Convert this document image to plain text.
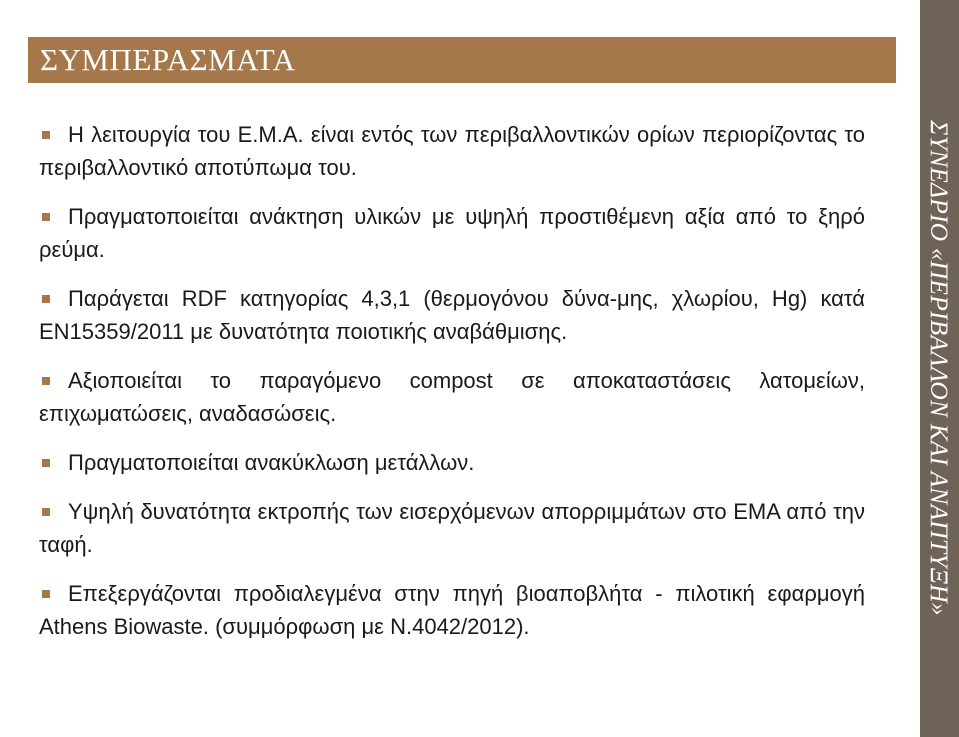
ΣΥΜΠΕΡΑΣΜΑΤΑ
ΣΥΝΕΔΡΙΟ «ΠΕΡΙΒΑΛΛΟΝ ΚΑΙ ΑΝΑΠΤΥΞΗ»
Η λειτουργία του Ε.Μ.Α. είναι εντός των περιβαλλοντικών ορίων περιορίζοντας το περιβαλλοντικό αποτύπωμα του.
Πραγματοποιείται ανάκτηση υλικών με υψηλή προστιθέμενη αξία από το ξηρό ρεύμα.
Παράγεται RDF κατηγορίας 4,3,1 (θερμογόνου δύνα-μης, χλωρίου, Hg) κατά EN15359/2011 με δυνατότητα ποιοτικής αναβάθμισης.
Αξιοποιείται το παραγόμενο compost σε αποκαταστάσεις λατομείων, επιχωματώσεις, αναδασώσεις.
Πραγματοποιείται ανακύκλωση μετάλλων.
Υψηλή δυνατότητα εκτροπής των εισερχόμενων απορριμμάτων στο ΕΜΑ από την ταφή.
Επεξεργάζονται προδιαλεγμένα στην πηγή βιοαποβλήτα - πιλοτική εφαρμογή Athens Biowaste. (συμμόρφωση με Ν.4042/2012).
